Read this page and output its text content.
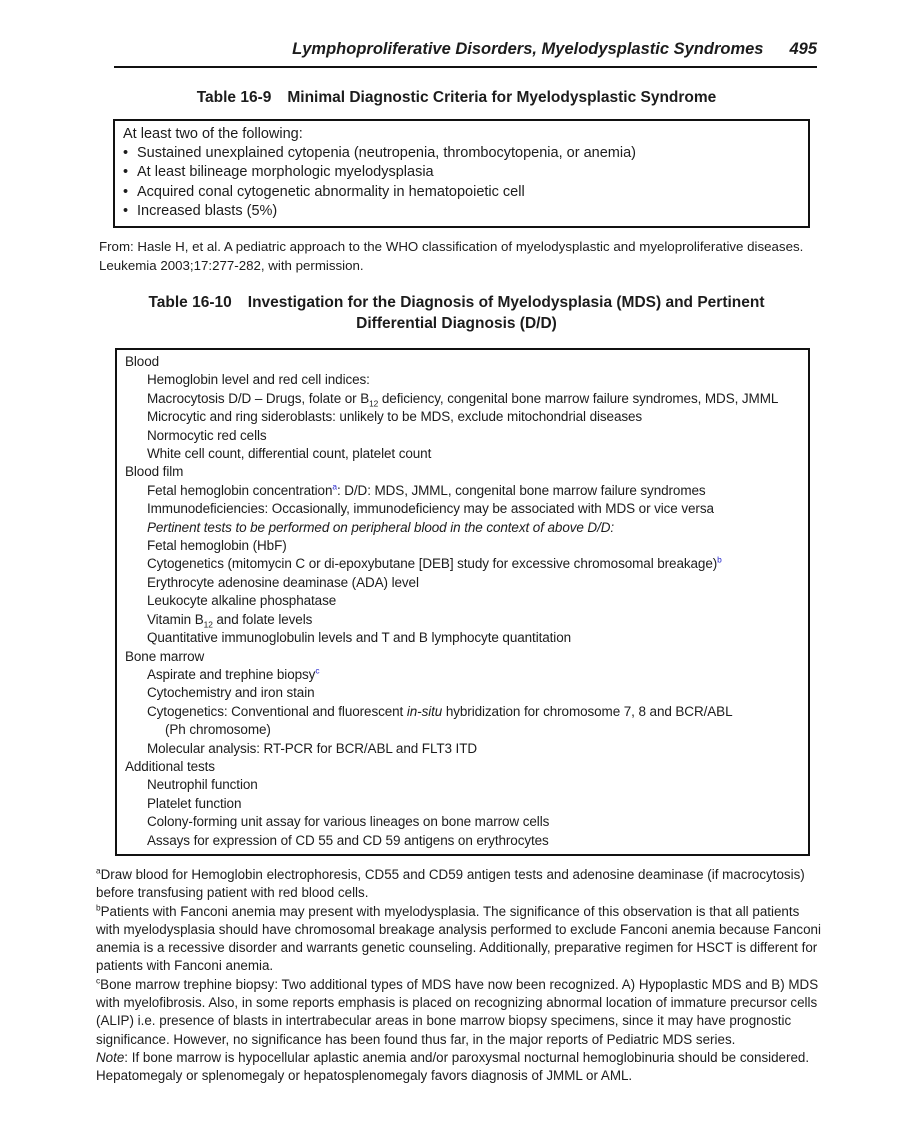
Lymphoproliferative Disorders, Myelodysplastic Syndromes 495
Table 16-9 Minimal Diagnostic Criteria for Myelodysplastic Syndrome
At least two of the following:
• Sustained unexplained cytopenia (neutropenia, thrombocytopenia, or anemia)
• At least bilineage morphologic myelodysplasia
• Acquired conal cytogenetic abnormality in hematopoietic cell
• Increased blasts (5%)
From: Hasle H, et al. A pediatric approach to the WHO classification of myelodysplastic and myeloproliferative diseases.
Leukemia 2003;17:277-282, with permission.
Table 16-10 Investigation for the Diagnosis of Myelodysplasia (MDS) and Pertinent
Differential Diagnosis (D/D)
Blood
Hemoglobin level and red cell indices:
Macrocytosis D/D – Drugs, folate or $B_{12}$ deficiency, congenital bone marrow failure syndromes, MDS, JMML
Microcytic and ring sideroblasts: unlikely to be MDS, exclude mitochondrial diseases
Normocytic red cells
White cell count, differential count, platelet count
Blood film
Fetal hemoglobin concentration$^a$: D/D: MDS, JMML, congenital bone marrow failure syndromes
Immunodeficiencies: Occasionally, immunodeficiency may be associated with MDS or vice versa
Pertinent tests to be performed on peripheral blood in the context of above D/D:
Fetal hemoglobin (HbF)
Cytogenetics (mitomycin C or di-epoxybutane [DEB] study for excessive chromosomal breakage)$^b$
Erythrocyte adenosine deaminase (ADA) level
Leukocyte alkaline phosphatase
Vitamin $B_{12}$ and folate levels
Quantitative immunoglobulin levels and T and B lymphocyte quantitation
Bone marrow
Aspirate and trephine biopsy$^c$
Cytochemistry and iron stain
Cytogenetics: Conventional and fluorescent in-situ hybridization for chromosome 7, 8 and BCR/ABL
(Ph chromosome)
Molecular analysis: RT-PCR for BCR/ABL and FLT3 ITD
Additional tests
Neutrophil function
Platelet function
Colony-forming unit assay for various lineages on bone marrow cells
Assays for expression of CD 55 and CD 59 antigens on erythrocytes
$^a$Draw blood for Hemoglobin electrophoresis, CD55 and CD59 antigen tests and adenosine deaminase (if macrocytosis)
before transfusing patient with red blood cells.
$^b$Patients with Fanconi anemia may present with myelodysplasia. The significance of this observation is that all patients
with myelodysplasia should have chromosomal breakage analysis performed to exclude Fanconi anemia because Fanconi
anemia is a recessive disorder and warrants genetic counseling. Additionally, preparative regimen for HSCT is different for
patients with Fanconi anemia.
$^c$Bone marrow trephine biopsy: Two additional types of MDS have now been recognized. A) Hypoplastic MDS and B) MDS
with myelofibrosis. Also, in some reports emphasis is placed on recognizing abnormal location of immature precursor cells
(ALIP) i.e. presence of blasts in intertrabecular areas in bone marrow biopsy specimens, since it may have prognostic
significance. However, no significance has been found thus far, in the major reports of Pediatric MDS series.
Note: If bone marrow is hypocellular aplastic anemia and/or paroxysmal nocturnal hemoglobinuria should be considered.
Hepatomegaly or splenomegaly or hepatosplenomegaly favors diagnosis of JMML or AML.
